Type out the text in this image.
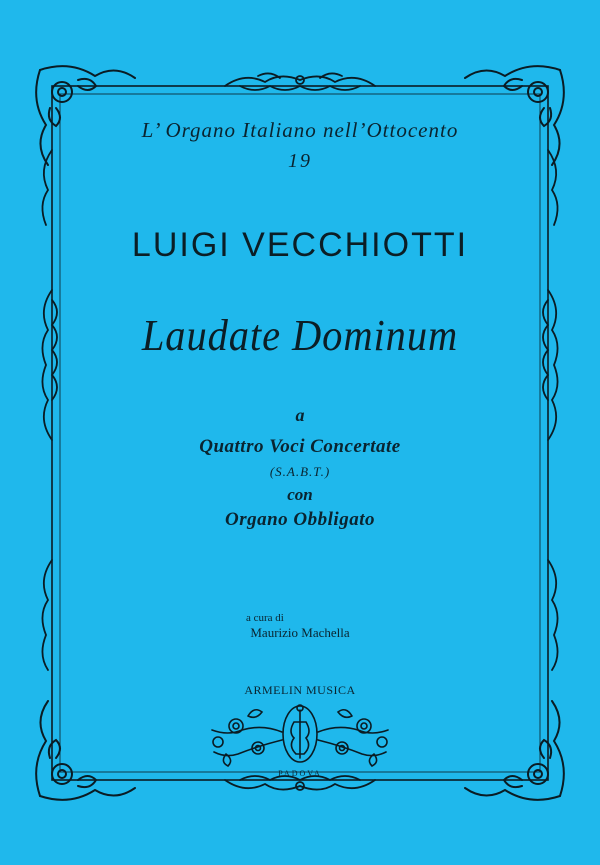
L’ Organo Italiano nell’Ottocento
19
LUIGI VECCHIOTTI
Laudate Dominum
a
Quattro Voci Concertate
(S.A.B.T.)
con
Organo Obbligato
a cura di
Maurizio Machella
ARMELIN MUSICA
PADOVA
